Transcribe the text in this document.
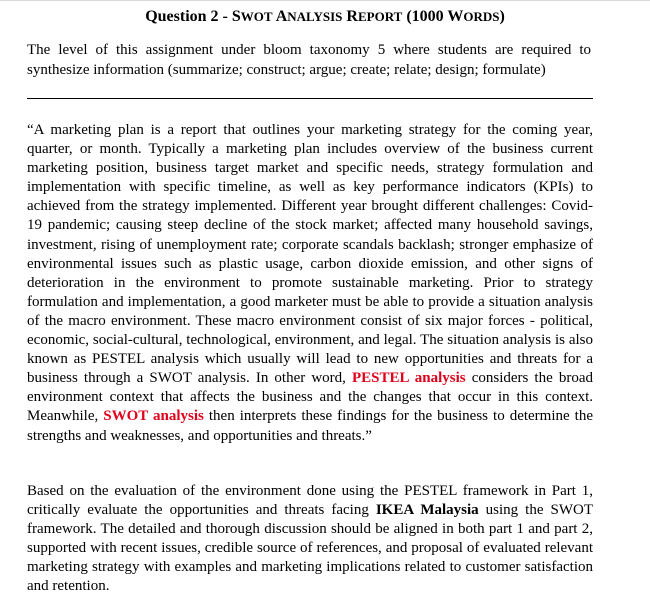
Question 2 - SWOT ANALYSIS REPORT (1000 WORDS)
The level of this assignment under bloom taxonomy 5 where students are required to synthesize information (summarize; construct; argue; create; relate; design; formulate)
“A marketing plan is a report that outlines your marketing strategy for the coming year, quarter, or month. Typically a marketing plan includes overview of the business current marketing position, business target market and specific needs, strategy formulation and implementation with specific timeline, as well as key performance indicators (KPIs) to achieved from the strategy implemented. Different year brought different challenges: Covid-19 pandemic; causing steep decline of the stock market; affected many household savings, investment, rising of unemployment rate; corporate scandals backlash; stronger emphasize of environmental issues such as plastic usage, carbon dioxide emission, and other signs of deterioration in the environment to promote sustainable marketing. Prior to strategy formulation and implementation, a good marketer must be able to provide a situation analysis of the macro environment. These macro environment consist of six major forces - political, economic, social-cultural, technological, environment, and legal. The situation analysis is also known as PESTEL analysis which usually will lead to new opportunities and threats for a business through a SWOT analysis. In other word, PESTEL analysis considers the broad environment context that affects the business and the changes that occur in this context. Meanwhile, SWOT analysis then interprets these findings for the business to determine the strengths and weaknesses, and opportunities and threats.”
Based on the evaluation of the environment done using the PESTEL framework in Part 1, critically evaluate the opportunities and threats facing IKEA Malaysia using the SWOT framework. The detailed and thorough discussion should be aligned in both part 1 and part 2, supported with recent issues, credible source of references, and proposal of evaluated relevant marketing strategy with examples and marketing implications related to customer satisfaction and retention.
